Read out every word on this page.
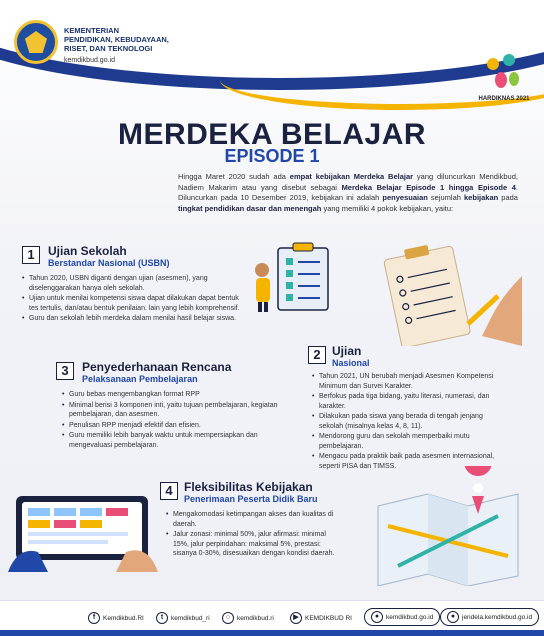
KEMENTERIAN
PENDIDIKAN, KEBUDAYAAN,
RISET, DAN TEKNOLOGI
kemdikbud.go.id
HARDIKNAS 2021
MERDEKA BELAJAR
EPISODE 1
Hingga Maret 2020 sudah ada empat kebijakan Merdeka Belajar yang diluncurkan Mendikbud, Nadiem Makarim atau yang disebut sebagai Merdeka Belajar Episode 1 hingga Episode 4. Diluncurkan pada 10 Desember 2019, kebijakan ini adalah penyesuaian sejumlah kebijakan pada tingkat pendidikan dasar dan menengah yang memiliki 4 pokok kebijakan, yaitu:
1	Ujian Sekolah
Berstandar Nasional (USBN)
• Tahun 2020, USBN diganti dengan ujian (asesmen), yang diselenggarakan hanya oleh sekolah.
• Ujian untuk menilai kompetensi siswa dapat dilakukan dapat bentuk tes tertulis, dan/atau bentuk penilaian. lain yang lebih komprehensif.
• Guru dan sekolah lebih merdeka dalam menilai hasil belajar siswa.
2 Ujian
Nasional
• Tahun 2021, UN berubah menjadi Asesmen Kompetensi Minimum dan Survei Karakter.
• Berfokus pada tiga bidang, yaitu literasi, numerasi, dan karakter.
• Dilakukan pada siswa yang berada di tengah jenjang sekolah (misalnya kelas 4, 8, 11).
• Mendorong guru dan sekolah memperbaiki mutu pembelajaran.
• Mengacu pada praktik baik pada asesmen internasional, seperti PISA dan TIMSS.
3	Penyederhanaan Rencana
Pelaksanaan Pembelajaran
• Guru bebas mengembangkan format RPP
• Minimal berisi 3 komponen inti, yaitu tujuan pembelajaran, kegiatan pembelajaran, dan asesmen.
• Penulisan RPP menjadi efektif dan efisien.
• Guru memiliki lebih banyak waktu untuk mempersiapkan dan mengevaluasi pembelajaran.
4 Fleksibilitas Kebijakan
Penerimaan Peserta Didik Baru
• Mengakomodasi ketimpangan akses dan kualitas di daerah.
• Jalur zonasi: minimal 50%, jalur afirmasi: minimal 15%, jalur perpindahan: maksimal 5%, prestasi: sisanya 0-30%, disesuaikan dengan kondisi daerah.
f	Kemdikbud.RI	t	kemdikbud_ri	○	kemdikbud.ri	▶ KEMDIKBUD RI	●	kemdikbud.go.id	●	jendela.kemdikbud.go.id
